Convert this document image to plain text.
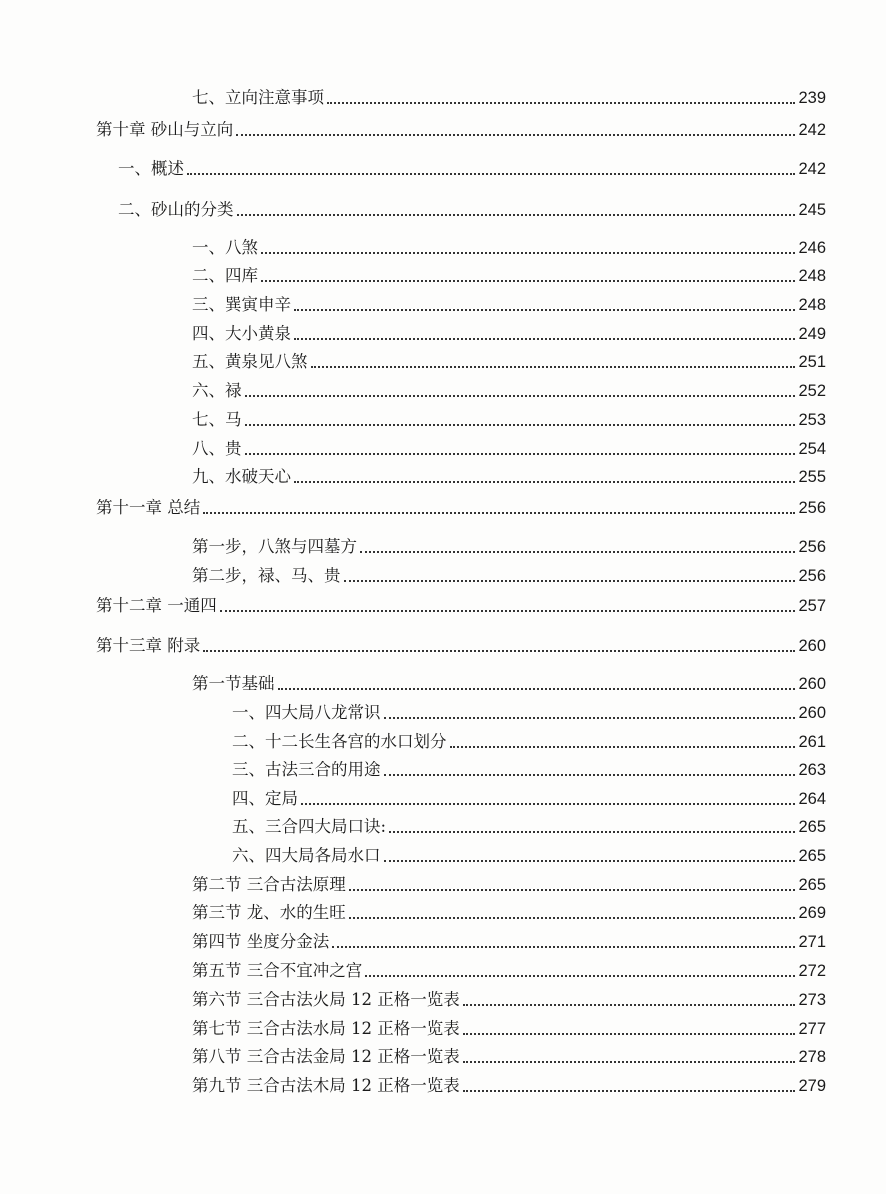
七、立向注意事项	239
第十章 砂山与立向	242
一、概述	242
二、砂山的分类	245
一、八煞	246
二、四库	248
三、巽寅申辛	248
四、大小黄泉	249
五、黄泉见八煞	251
六、禄	252
七、马	253
八、贵	254
九、水破天心	255
第十一章 总结	256
第一步，八煞与四墓方	256
第二步，禄、马、贵	256
第十二章 一通四	257
第十三章 附录	260
第一节基础	260
一、四大局八龙常识	260
二、十二长生各宫的水口划分	261
三、古法三合的用途	263
四、定局	264
五、三合四大局口诀:	265
六、四大局各局水口	265
第二节 三合古法原理	265
第三节 龙、水的生旺	269
第四节 坐度分金法	271
第五节 三合不宜冲之宫	272
第六节 三合古法火局 12 正格一览表	273
第七节 三合古法水局 12 正格一览表	277
第八节 三合古法金局 12 正格一览表	278
第九节 三合古法木局 12 正格一览表	279
